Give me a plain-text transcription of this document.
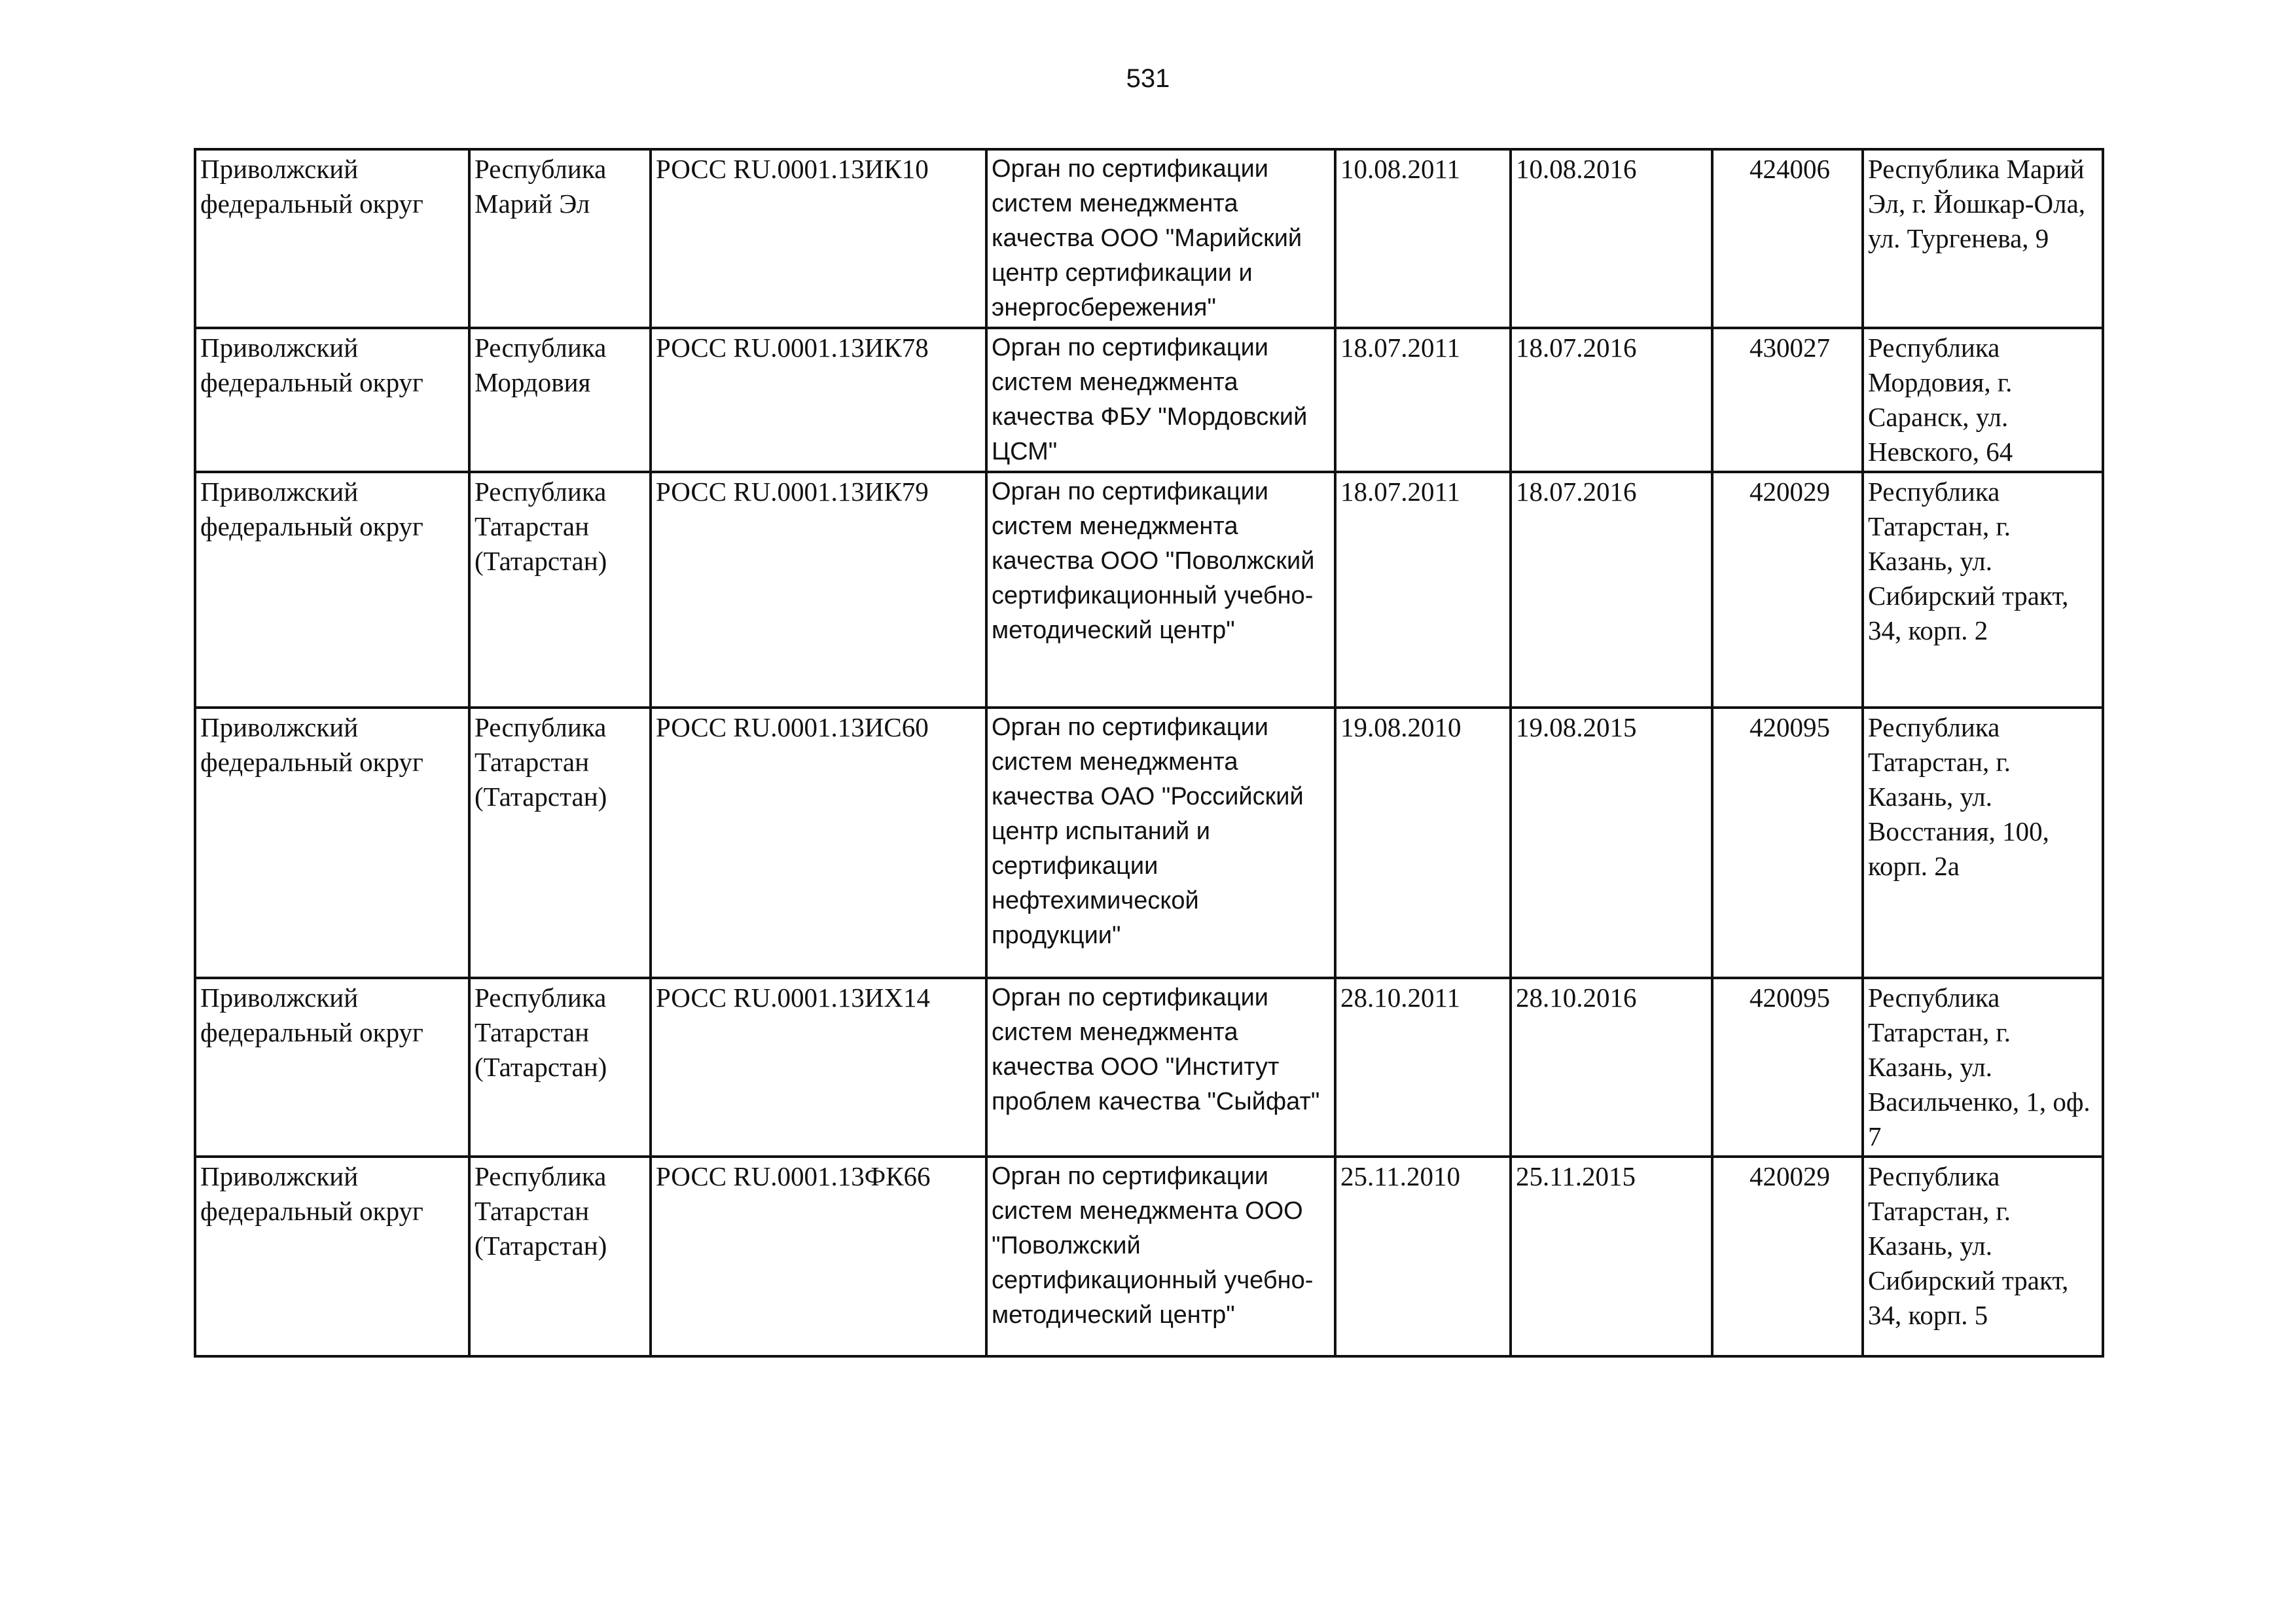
531
Приволжский федеральный округ	Республика Марий Эл	РОСС RU.0001.13ИК10	Орган по сертификации систем менеджмента качества ООО "Марийский центр сертификации и энергосбережения"	10.08.2011	10.08.2016	424006	Республика Марий Эл, г. Йошкар-Ола, ул. Тургенева, 9
Приволжский федеральный округ	Республика Мордовия	РОСС RU.0001.13ИК78	Орган по сертификации систем менеджмента качества ФБУ "Мордовский ЦСМ"	18.07.2011	18.07.2016	430027	Республика Мордовия, г. Саранск, ул. Невского, 64
Приволжский федеральный округ	Республика Татарстан (Татарстан)	РОСС RU.0001.13ИК79	Орган по сертификации систем менеджмента качества ООО "Поволжский сертификационный учебно-методический центр"	18.07.2011	18.07.2016	420029	Республика Татарстан, г. Казань, ул. Сибирский тракт, 34, корп. 2
Приволжский федеральный округ	Республика Татарстан (Татарстан)	РОСС RU.0001.13ИС60	Орган по сертификации систем менеджмента качества ОАО "Российский центр испытаний и сертификации нефтехимической продукции"	19.08.2010	19.08.2015	420095	Республика Татарстан, г. Казань, ул. Восстания, 100, корп. 2а
Приволжский федеральный округ	Республика Татарстан (Татарстан)	РОСС RU.0001.13ИХ14	Орган по сертификации систем менеджмента качества ООО "Институт проблем качества "Сыйфат"	28.10.2011	28.10.2016	420095	Республика Татарстан, г. Казань, ул. Васильченко, 1, оф. 7
Приволжский федеральный округ	Республика Татарстан (Татарстан)	РОСС RU.0001.13ФК66	Орган по сертификации систем менеджмента ООО "Поволжский сертификационный учебно-методический центр"	25.11.2010	25.11.2015	420029	Республика Татарстан, г. Казань, ул. Сибирский тракт, 34, корп. 5
